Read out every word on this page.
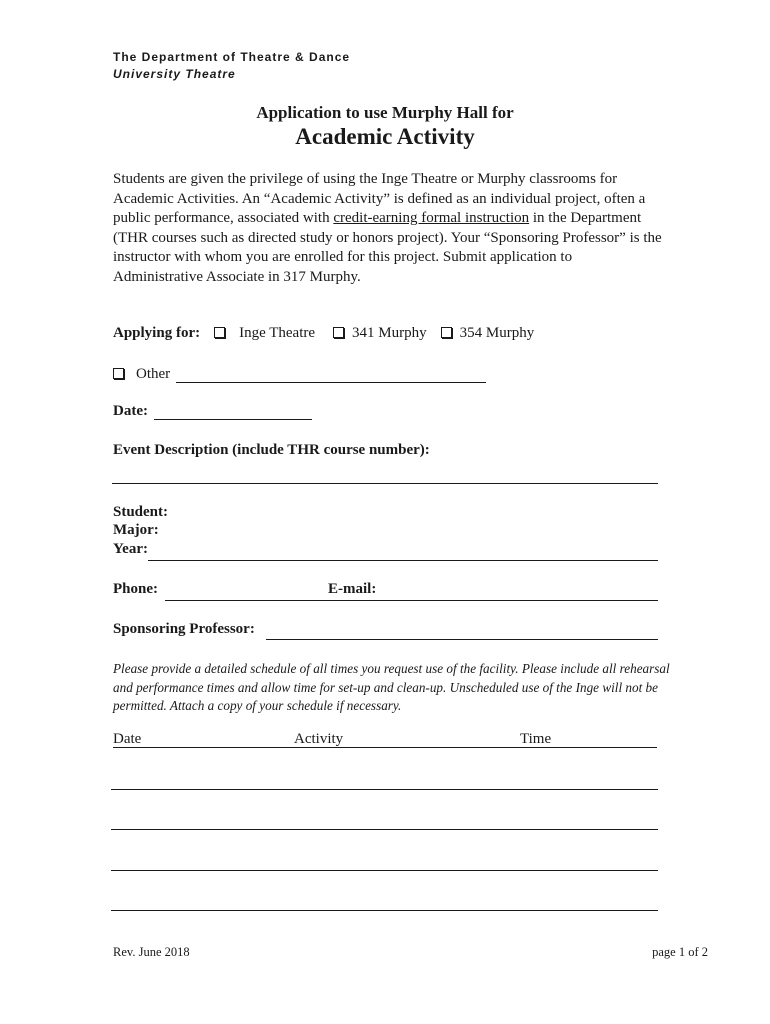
The Department of Theatre & Dance
University Theatre
Application to use Murphy Hall for
Academic Activity
Students are given the privilege of using the Inge Theatre or Murphy classrooms for Academic Activities. An “Academic Activity” is defined as an individual project, often a public performance, associated with credit-earning formal instruction in the Department (THR courses such as directed study or honors project). Your “Sponsoring Professor” is the instructor with whom you are enrolled for this project. Submit application to Administrative Associate in 317 Murphy.
Applying for:	Inge Theatre 341 Murphy 354 Murphy
Other
Date:
Event Description (include THR course number):
Student:
Major:
Year:
Phone:	E-mail:
Sponsoring Professor:
Please provide a detailed schedule of all times you request use of the facility. Please include all rehearsal and performance times and allow time for set-up and clean-up. Unscheduled use of the Inge will not be permitted. Attach a copy of your schedule if necessary.
Date	Activity	Time
Rev. June 2018	page 1 of 2
